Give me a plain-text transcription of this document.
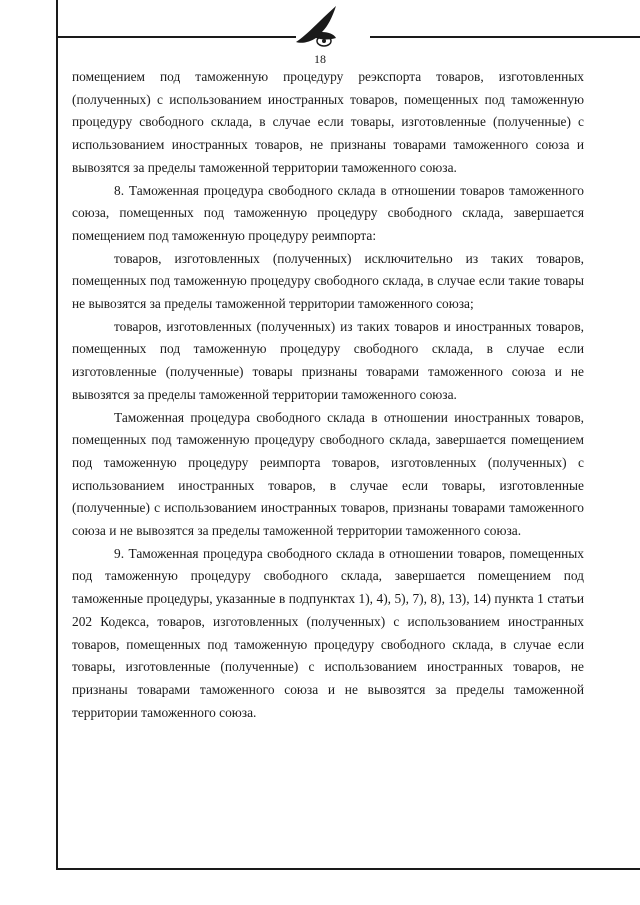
18

помещением под таможенную процедуру реэкспорта товаров, изготовленных (полученных) с использованием иностранных товаров, помещенных под таможенную процедуру свободного склада, в случае если товары, изготовленные (полученные) с использованием иностранных товаров, не признаны товарами таможенного союза и вывозятся за пределы таможенной территории таможенного союза.

8. Таможенная процедура свободного склада в отношении товаров таможенного союза, помещенных под таможенную процедуру свободного склада, завершается помещением под таможенную процедуру реимпорта:

товаров, изготовленных (полученных) исключительно из таких товаров, помещенных под таможенную процедуру свободного склада, в случае если такие товары не вывозятся за пределы таможенной территории таможенного союза;

товаров, изготовленных (полученных) из таких товаров и иностранных товаров, помещенных под таможенную процедуру свободного склада, в случае если изготовленные (полученные) товары признаны товарами таможенного союза и не вывозятся за пределы таможенной территории таможенного союза.

Таможенная процедура свободного склада в отношении иностранных товаров, помещенных под таможенную процедуру свободного склада, завершается помещением под таможенную процедуру реимпорта товаров, изготовленных (полученных) с использованием иностранных товаров, в случае если товары, изготовленные (полученные) с использованием иностранных товаров, признаны товарами таможенного союза и не вывозятся за пределы таможенной территории таможенного союза.

9. Таможенная процедура свободного склада в отношении товаров, помещенных под таможенную процедуру свободного склада, завершается помещением под таможенные процедуры, указанные в подпунктах 1), 4), 5), 7), 8), 13), 14) пункта 1 статьи 202 Кодекса, товаров, изготовленных (полученных) с использованием иностранных товаров, помещенных под таможенную процедуру свободного склада, в случае если товары, изготовленные (полученные) с использованием иностранных товаров, не признаны товарами таможенного союза и не вывозятся за пределы таможенной территории таможенного союза.
